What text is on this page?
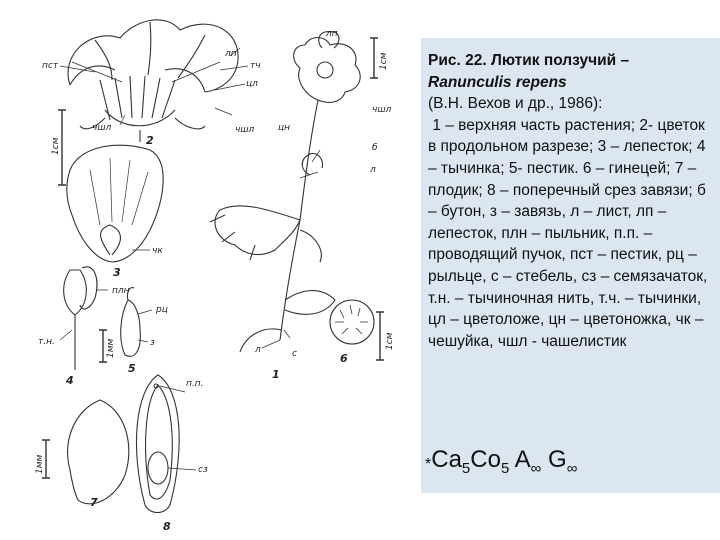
лп
лп
пст	тч
цл
чшл	чшл
чшл
цн
1см
1см
1см
б
л
л
чк
плн
рц
з
т.н.	1мм
1мм
п.п.
сз
с
2
1
3
4
5
6
7
8
Рис. 22. Лютик ползучий –
Ranunculis repens
(В.Н. Вехов и др., 1986):
1 – верхняя часть растения; 2- цветок в продольном разрезе; 3 – лепесток; 4 – тычинка; 5- пестик. 6 – гинецей; 7 – плодик; 8 – поперечный срез завязи; б – бутон, з – завязь, л – лист, лп – лепесток, плн – пыльник, п.п. – проводящий пучок, пст – пестик, рц – рыльце, с – стебель, сз – семязачаток, т.н. – тычиночная нить, т.ч. – тычинки, цл – цветоложе, цн – цветоножка, чк – чешуйка, чшл - чашелистик
$*Ca_5Co_5$ $A_\infty$ $G_\infty$
